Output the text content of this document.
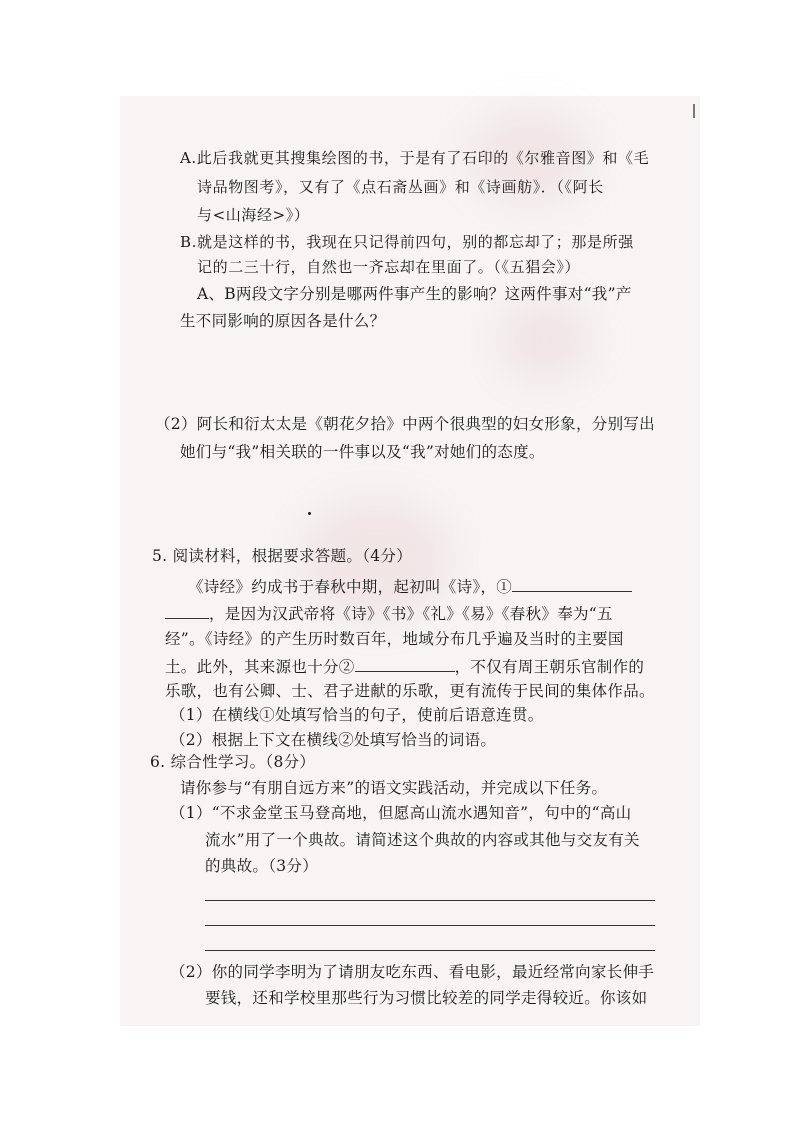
A.此后我就更其搜集绘图的书，于是有了石印的《尔雅音图》和《毛
诗品物图考》，又有了《点石斋丛画》和《诗画舫》．（《阿长
与<山海经>》）
B.就是这样的书，我现在只记得前四句，别的都忘却了；那是所强
记的二三十行，自然也一齐忘却在里面了。（《五猖会》）
A、B两段文字分别是哪两件事产生的影响？这两件事对“我”产
生不同影响的原因各是什么？
（2）阿长和衍太太是《朝花夕拾》中两个很典型的妇女形象，分别写出
她们与“我”相关联的一件事以及“我”对她们的态度。
5. 阅读材料，根据要求答题。（4分）
《诗经》约成书于春秋中期，起初叫《诗》，①
，是因为汉武帝将《诗》《书》《礼》《易》《春秋》奉为“五
经”。《诗经》的产生历时数百年，地域分布几乎遍及当时的主要国
土。此外，其来源也十分②	，不仅有周王朝乐官制作的
乐歌，也有公卿、士、君子进献的乐歌，更有流传于民间的集体作品。
（1）在横线①处填写恰当的句子，使前后语意连贯。
（2）根据上下文在横线②处填写恰当的词语。
6. 综合性学习。（8分）
请你参与“有朋自远方来”的语文实践活动，并完成以下任务。
（1）“不求金堂玉马登高地，但愿高山流水遇知音”，句中的“高山
流水”用了一个典故。请简述这个典故的内容或其他与交友有关
的典故。（3分）
（2）你的同学李明为了请朋友吃东西、看电影，最近经常向家长伸手
要钱，还和学校里那些行为习惯比较差的同学走得较近。你该如
